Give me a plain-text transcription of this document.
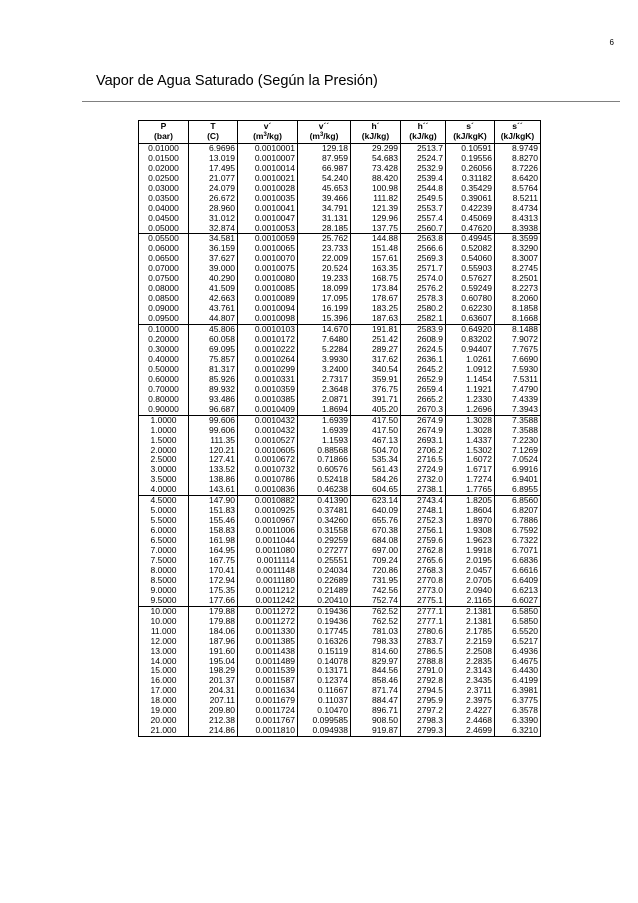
6
Vapor de Agua Saturado (Según la Presión)
P	T	v´	v´´	h´	h´´	s´	s´´
(bar)	(C)	$(m^3/kg)$	$(m^3/kg)$	(kJ/kg)	(kJ/kg)	(kJ/kgK)	(kJ/kgK)
0.01000	6.9696	0.0010001	129.18	29.299	2513.7	0.10591	8.9749
0.01500	13.019	0.0010007	87.959	54.683	2524.7	0.19556	8.8270
0.02000	17.495	0.0010014	66.987	73.428	2532.9	0.26056	8.7226
0.02500	21.077	0.0010021	54.240	88.420	2539.4	0.31182	8.6420
0.03000	24.079	0.0010028	45.653	100.98	2544.8	0.35429	8.5764
0.03500	26.672	0.0010035	39.466	111.82	2549.5	0.39061	8.5211
0.04000	28.960	0.0010041	34.791	121.39	2553.7	0.42239	8.4734
0.04500	31.012	0.0010047	31.131	129.96	2557.4	0.45069	8.4313
0.05000	32.874	0.0010053	28.185	137.75	2560.7	0.47620	8.3938
0.05500	34.581	0.0010059	25.762	144.88	2563.8	0.49945	8.3599
0.06000	36.159	0.0010065	23.733	151.48	2566.6	0.52082	8.3290
0.06500	37.627	0.0010070	22.009	157.61	2569.3	0.54060	8.3007
0.07000	39.000	0.0010075	20.524	163.35	2571.7	0.55903	8.2745
0.07500	40.290	0.0010080	19.233	168.75	2574.0	0.57627	8.2501
0.08000	41.509	0.0010085	18.099	173.84	2576.2	0.59249	8.2273
0.08500	42.663	0.0010089	17.095	178.67	2578.3	0.60780	8.2060
0.09000	43.761	0.0010094	16.199	183.25	2580.2	0.62230	8.1858
0.09500	44.807	0.0010098	15.396	187.63	2582.1	0.63607	8.1668
0.10000	45.806	0.0010103	14.670	191.81	2583.9	0.64920	8.1488
0.20000	60.058	0.0010172	7.6480	251.42	2608.9	0.83202	7.9072
0.30000	69.095	0.0010222	5.2284	289.27	2624.5	0.94407	7.7675
0.40000	75.857	0.0010264	3.9930	317.62	2636.1	1.0261	7.6690
0.50000	81.317	0.0010299	3.2400	340.54	2645.2	1.0912	7.5930
0.60000	85.926	0.0010331	2.7317	359.91	2652.9	1.1454	7.5311
0.70000	89.932	0.0010359	2.3648	376.75	2659.4	1.1921	7.4790
0.80000	93.486	0.0010385	2.0871	391.71	2665.2	1.2330	7.4339
0.90000	96.687	0.0010409	1.8694	405.20	2670.3	1.2696	7.3943
1.0000	99.606	0.0010432	1.6939	417.50	2674.9	1.3028	7.3588
1.0000	99.606	0.0010432	1.6939	417.50	2674.9	1.3028	7.3588
1.5000	111.35	0.0010527	1.1593	467.13	2693.1	1.4337	7.2230
2.0000	120.21	0.0010605	0.88568	504.70	2706.2	1.5302	7.1269
2.5000	127.41	0.0010672	0.71866	535.34	2716.5	1.6072	7.0524
3.0000	133.52	0.0010732	0.60576	561.43	2724.9	1.6717	6.9916
3.5000	138.86	0.0010786	0.52418	584.26	2732.0	1.7274	6.9401
4.0000	143.61	0.0010836	0.46238	604.65	2738.1	1.7765	6.8955
4.5000	147.90	0.0010882	0.41390	623.14	2743.4	1.8205	6.8560
5.0000	151.83	0.0010925	0.37481	640.09	2748.1	1.8604	6.8207
5.5000	155.46	0.0010967	0.34260	655.76	2752.3	1.8970	6.7886
6.0000	158.83	0.0011006	0.31558	670.38	2756.1	1.9308	6.7592
6.5000	161.98	0.0011044	0.29259	684.08	2759.6	1.9623	6.7322
7.0000	164.95	0.0011080	0.27277	697.00	2762.8	1.9918	6.7071
7.5000	167.75	0.0011114	0.25551	709.24	2765.6	2.0195	6.6836
8.0000	170.41	0.0011148	0.24034	720.86	2768.3	2.0457	6.6616
8.5000	172.94	0.0011180	0.22689	731.95	2770.8	2.0705	6.6409
9.0000	175.35	0.0011212	0.21489	742.56	2773.0	2.0940	6.6213
9.5000	177.66	0.0011242	0.20410	752.74	2775.1	2.1165	6.6027
10.000	179.88	0.0011272	0.19436	762.52	2777.1	2.1381	6.5850
10.000	179.88	0.0011272	0.19436	762.52	2777.1	2.1381	6.5850
11.000	184.06	0.0011330	0.17745	781.03	2780.6	2.1785	6.5520
12.000	187.96	0.0011385	0.16326	798.33	2783.7	2.2159	6.5217
13.000	191.60	0.0011438	0.15119	814.60	2786.5	2.2508	6.4936
14.000	195.04	0.0011489	0.14078	829.97	2788.8	2.2835	6.4675
15.000	198.29	0.0011539	0.13171	844.56	2791.0	2.3143	6.4430
16.000	201.37	0.0011587	0.12374	858.46	2792.8	2.3435	6.4199
17.000	204.31	0.0011634	0.11667	871.74	2794.5	2.3711	6.3981
18.000	207.11	0.0011679	0.11037	884.47	2795.9	2.3975	6.3775
19.000	209.80	0.0011724	0.10470	896.71	2797.2	2.4227	6.3578
20.000	212.38	0.0011767	0.099585	908.50	2798.3	2.4468	6.3390
21.000	214.86	0.0011810	0.094938	919.87	2799.3	2.4699	6.3210
